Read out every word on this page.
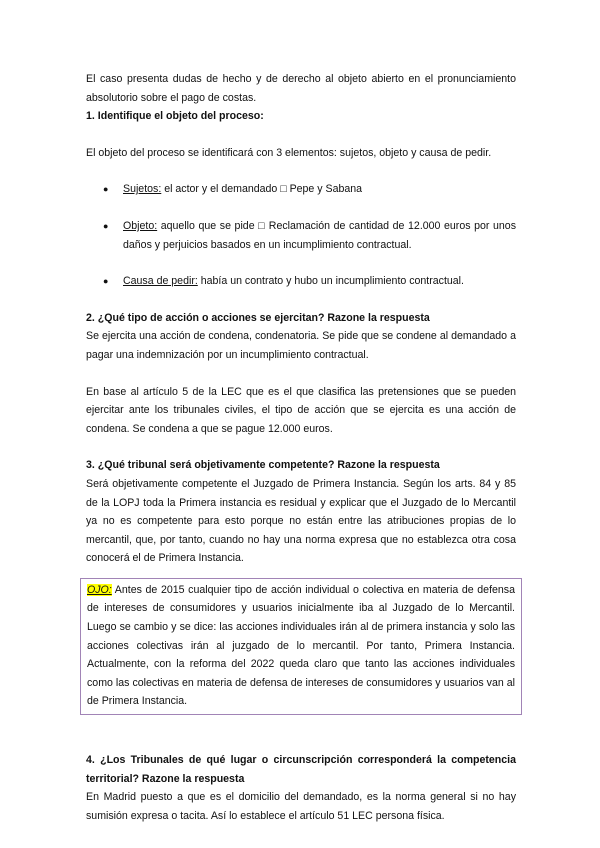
El caso presenta dudas de hecho y de derecho al objeto abierto en el pronunciamiento absolutorio sobre el pago de costas.

1. Identifique el objeto del proceso:

El objeto del proceso se identificará con 3 elementos: sujetos, objeto y causa de pedir.

● Sujetos: el actor y el demandado □ Pepe y Sabana

● Objeto: aquello que se pide □ Reclamación de cantidad de 12.000 euros por unos daños y perjuicios basados en un incumplimiento contractual.

● Causa de pedir: había un contrato y hubo un incumplimiento contractual.

2. ¿Qué tipo de acción o acciones se ejercitan? Razone la respuesta

Se ejercita una acción de condena, condenatoria. Se pide que se condene al demandado a pagar una indemnización por un incumplimiento contractual.

En base al artículo 5 de la LEC que es el que clasifica las pretensiones que se pueden ejercitar ante los tribunales civiles, el tipo de acción que se ejercita es una acción de condena. Se condena a que se pague 12.000 euros.

3. ¿Qué tribunal será objetivamente competente? Razone la respuesta

Será objetivamente competente el Juzgado de Primera Instancia. Según los arts. 84 y 85 de la LOPJ toda la Primera instancia es residual y explicar que el Juzgado de lo Mercantil ya no es competente para esto porque no están entre las atribuciones propias de lo mercantil, que, por tanto, cuando no hay una norma expresa que no establezca otra cosa conocerá el de Primera Instancia.

OJO: Antes de 2015 cualquier tipo de acción individual o colectiva en materia de defensa de intereses de consumidores y usuarios inicialmente iba al Juzgado de lo Mercantil. Luego se cambio y se dice: las acciones individuales irán al de primera instancia y solo las acciones colectivas irán al juzgado de lo mercantil. Por tanto, Primera Instancia. Actualmente, con la reforma del 2022 queda claro que tanto las acciones individuales como las colectivas en materia de defensa de intereses de consumidores y usuarios van al de Primera Instancia.

4. ¿Los Tribunales de qué lugar o circunscripción corresponderá la competencia territorial? Razone la respuesta

En Madrid puesto a que es el domicilio del demandado, es la norma general si no hay sumisión expresa o tacita. Así lo establece el artículo 51 LEC persona física.
